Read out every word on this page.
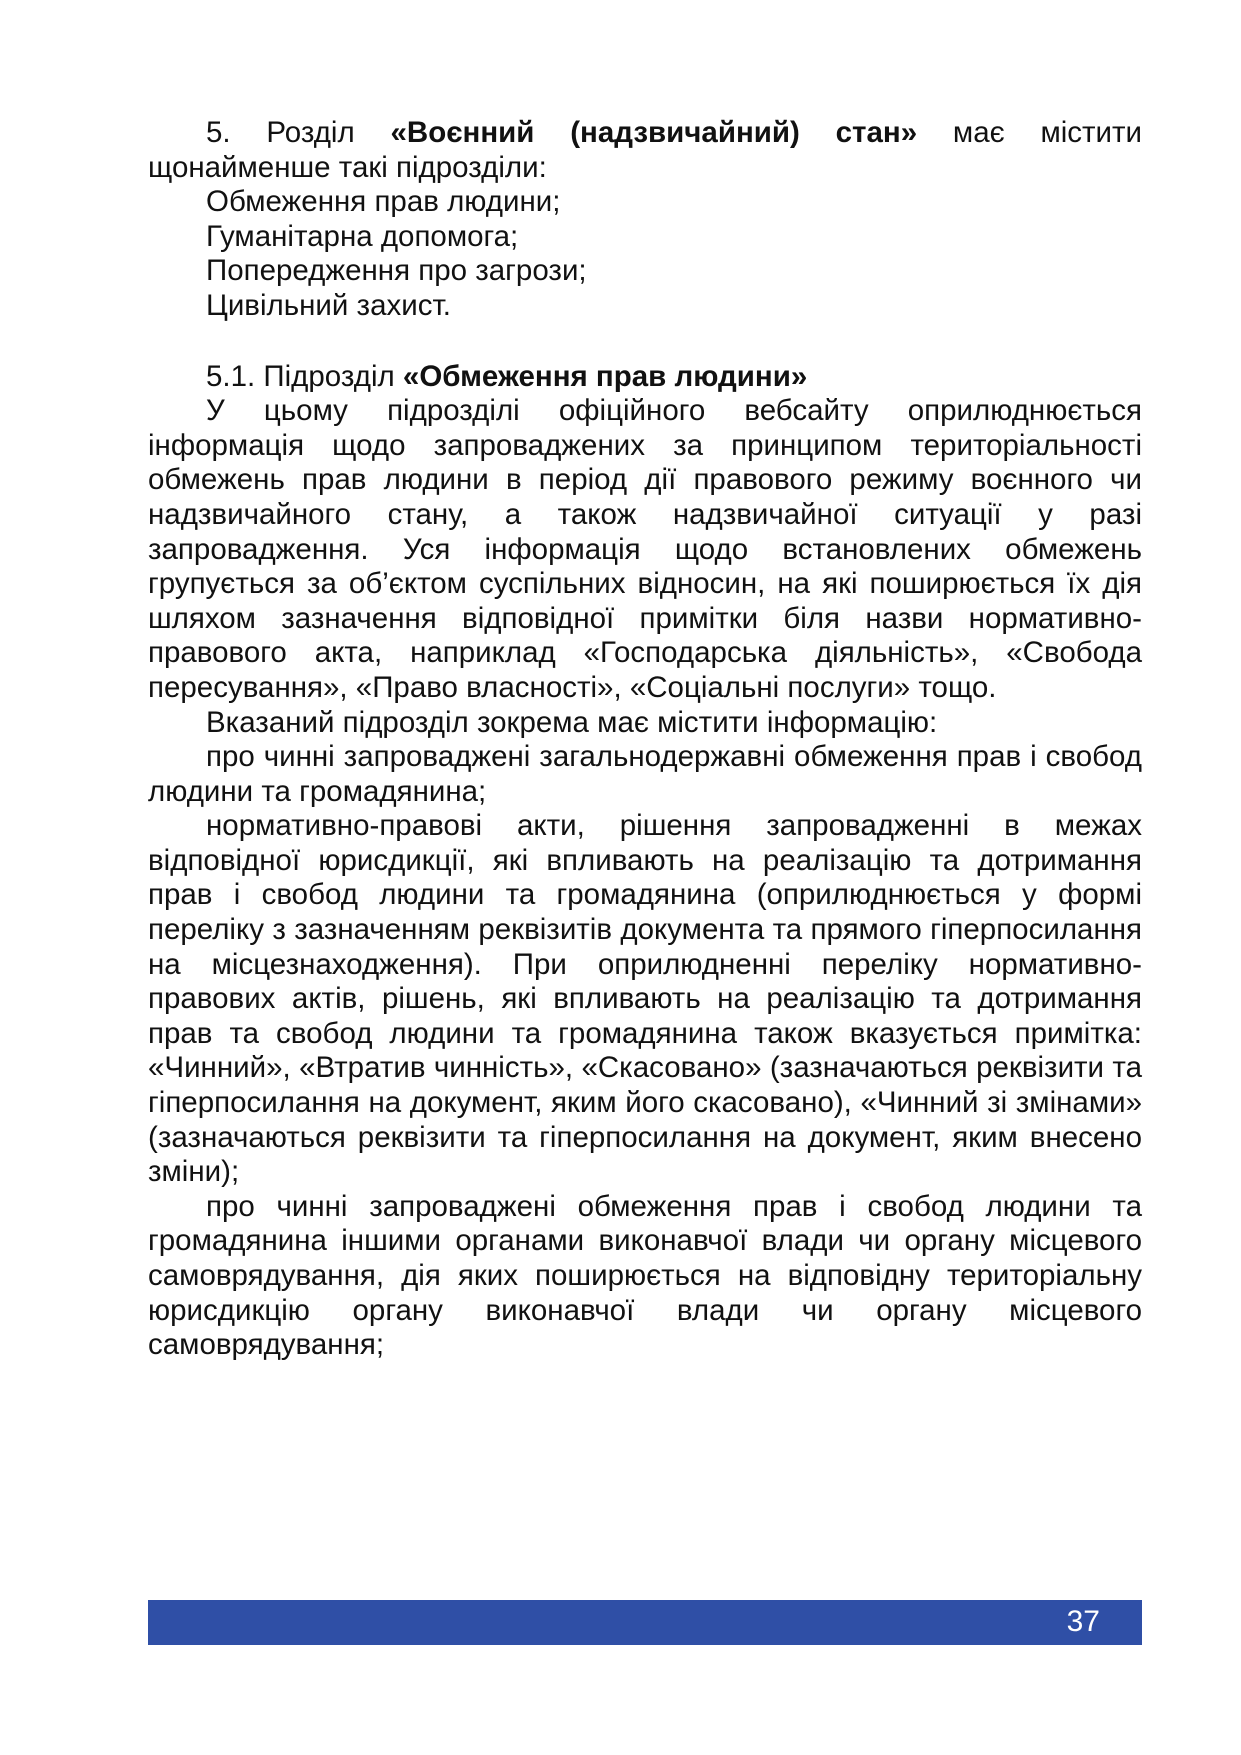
5. Розділ «Воєнний (надзвичайний) стан» має містити щонайменше такі підрозділи:

Обмеження прав людини;

Гуманітарна допомога;

Попередження про загрози;

Цивільний захист.

5.1. Підрозділ «Обмеження прав людини»

У цьому підрозділі офіційного вебсайту оприлюднюється інформація щодо запроваджених за принципом територіальності обмежень прав людини в період дії правового режиму воєнного чи надзвичайного стану, а також надзвичайної ситуації у разі запровадження. Уся інформація щодо встановлених обмежень групується за об’єктом суспільних відносин, на які поширюється їх дія шляхом зазначення відповідної примітки біля назви нормативно-правового акта, наприклад «Господарська діяльність», «Свобода пересування», «Право власності», «Соціальні послуги» тощо.

Вказаний підрозділ зокрема має містити інформацію:

про чинні запроваджені загальнодержавні обмеження прав і свобод людини та громадянина;

нормативно-правові акти, рішення запровадженні в межах відповідної юрисдикції, які впливають на реалізацію та дотримання прав і свобод людини та громадянина (оприлюднюється у формі переліку з зазначенням реквізитів документа та прямого гіперпосилання на місцезнаходження). При оприлюдненні переліку нормативно-правових актів, рішень, які впливають на реалізацію та дотримання прав та свобод людини та громадянина також вказується примітка: «Чинний», «Втратив чинність», «Скасовано» (зазначаються реквізити та гіперпосилання на документ, яким його скасовано), «Чинний зі змінами» (зазначаються реквізити та гіперпосилання на документ, яким внесено зміни);

про чинні запроваджені обмеження прав і свобод людини та громадянина іншими органами виконавчої влади чи органу місцевого самоврядування, дія яких поширюється на відповідну територіальну юрисдикцію органу виконавчої влади чи органу місцевого самоврядування;

37
